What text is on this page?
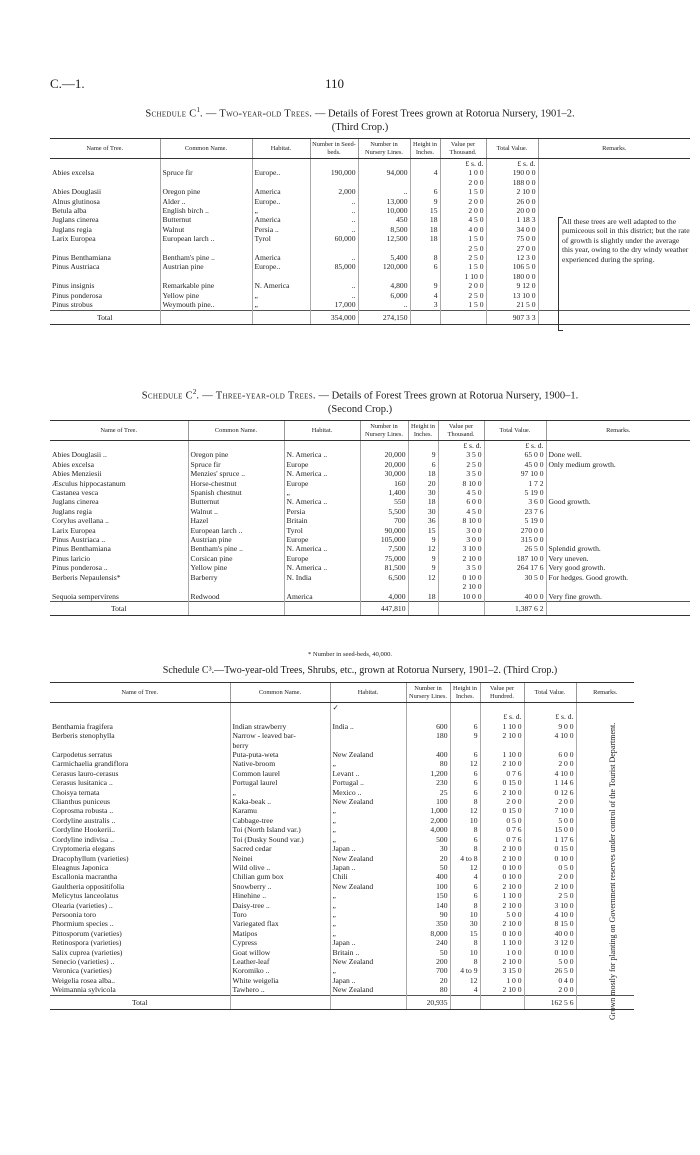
C.—1.	110
Schedule $C^1$. — Two-year-old Trees. — Details of Forest Trees grown at Rotorua Nursery, 1901–2.
(Third Crop.)
Name of Tree.	Common Name.	Habitat.	Number in Seed-beds.	Number in Nursery Lines.	Height in Inches.	Value per Thousand.	Total Value.	Remarks.
						£ s. d.	£ s. d.	
Abies excelsa	Spruce fir	Europe..	190,000	94,000	4	1 0 0	190 0 0	
						2 0 0	188 0 0	
Abies Douglasii	Oregon pine	America	2,000	..	6	1 5 0	2 10 0	
Alnus glutinosa	Alder ..	Europe..	..	13,000	9	2 0 0	26 0 0	
Betula alba	English birch ..	„	..	10,000	15	2 0 0	20 0 0	
Juglans cinerea	Butternut	America	..	450	18	4 5 0	1 18 3	
Juglans regia	Walnut	Persia ..	..	8,500	18	4 0 0	34 0 0	
Larix Europea	European larch ..	Tyrol	60,000	12,500	18	1 5 0	75 0 0	
						2 5 0	27 0 0	
Pinus Benthamiana	Bentham's pine ..	America	..	5,400	8	2 5 0	12 3 0	
Pinus Austriaca	Austrian pine	Europe..	85,000	120,000	6	1 5 0	106 5 0	
						1 10 0	180 0 0	
Pinus insignis	Remarkable pine	N. America	..	4,800	9	2 0 0	9 12 0	
Pinus ponderosa	Yellow pine	„	..	6,000	4	2 5 0	13 10 0	
Pinus strobus	Weymouth pine..	„	17,000	..	3	1 5 0	21 5 0	
Total			354,000	274,150			907 3 3	
All these trees are well adapted to the pumiceous soil in this district; but the rate of growth is slightly under the average this year, owing to the dry windy weather experienced during the spring.
Schedule $C^2$. — Three-year-old Trees. — Details of Forest Trees grown at Rotorua Nursery, 1900–1.
(Second Crop.)
Name of Tree.	Common Name.	Habitat.	Number in Nursery Lines.	Height in Inches.	Value per Thousand.	Total Value.	Remarks.
					£ s. d.	£ s. d.	
Abies Douglasii ..	Oregon pine	N. America ..	20,000	9	3 5 0	65 0 0	Done well.
Abies excelsa	Spruce fir	Europe	20,000	6	2 5 0	45 0 0	Only medium growth.
Abies Menziesii	Menzies' spruce ..	N. America ..	30,000	18	3 5 0	97 10 0	
Æsculus hippocastanum	Horse-chestnut	Europe	160	20	8 10 0	1 7 2	
Castanea vesca	Spanish chestnut	„	1,400	30	4 5 0	5 19 0	
Juglans cinerea	Butternut	N. America ..	550	18	6 0 0	3 6 0	Good growth.
Juglans regia	Walnut ..	Persia	5,500	30	4 5 0	23 7 6	
Corylus avellana ..	Hazel	Britain	700	36	8 10 0	5 19 0	
Larix Europea	European larch ..	Tyrol	90,000	15	3 0 0	270 0 0	
Pinus Austriaca ..	Austrian pine	Europe	105,000	9	3 0 0	315 0 0	
Pinus Benthamiana	Bentham's pine ..	N. America ..	7,500	12	3 10 0	26 5 0	Splendid growth.
Pinus laricio	Corsican pine	Europe	75,000	9	2 10 0	187 10 0	Very uneven.
Pinus ponderosa ..	Yellow pine	N. America ..	81,500	9	3 5 0	264 17 6	Very good growth.
Berberis Nepaulensis*	Barberry	N. India	6,500	12	0 10 0	30 5 0	For hedges. Good growth.
					2 10 0		
Sequoia sempervirens	Redwood	America	4,000	18	10 0 0	40 0 0	Very fine growth.
Total			447,810			1,387 6 2	
* Number in seed-beds, 40,000.
Schedule C³.—Two-year-old Trees, Shrubs, etc., grown at Rotorua Nursery, 1901–2. (Third Crop.)
Name of Tree.	Common Name.	Habitat.	Number in Nursery Lines.	Height in Inches.	Value per Hundred.	Total Value.	Remarks.
		✓					
					£ s. d.	£ s. d.	
Benthamia fragifera	Indian strawberry	India ..	600	6	1 10 0	9 0 0	
Berberis stenophylla	Narrow - leaved bar-		180	9	2 10 0	4 10 0	
	berry						
Carpodetus serratus	Puta-puta-weta	New Zealand	400	6	1 10 0	6 0 0	
Carmichaelia grandiflora	Native-broom	„	80	12	2 10 0	2 0 0	
Cerasus lauro-cerasus	Common laurel	Levant ..	1,200	6	0 7 6	4 10 0	
Cerasus lusitanica ..	Portugal laurel	Portugal ..	230	6	0 15 0	1 14 6	
Choisya ternata	„	Mexico ..	25	6	2 10 0	0 12 6	
Clianthus puniceus	Kaka-beak ..	New Zealand	100	8	2 0 0	2 0 0	
Coprosma robusta ..	Karamu	„	1,000	12	0 15 0	7 10 0	
Cordyline australis ..	Cabbage-tree	„	2,000	10	0 5 0	5 0 0	
Cordyline Hookerii..	Toi (North Island var.)	„	4,000	8	0 7 6	15 0 0	
Cordyline indivisa ..	Toi (Dusky Sound var.)	„	500	6	0 7 6	1 17 6	
Cryptomeria elegans	Sacred cedar	Japan ..	30	8	2 10 0	0 15 0	
Dracophyllum (varieties)	Neinei	New Zealand	20	4 to 8	2 10 0	0 10 0	
Eleagnus Japonica	Wild olive ..	Japan ..	50	12	0 10 0	0 5 0	
Escallonia macrantha	Chilian gum box	Chili	400	4	0 10 0	2 0 0	
Gaultheria oppositifolia	Snowberry ..	New Zealand	100	6	2 10 0	2 10 0	
Melicytus lanceolatus	Hinehine ..	„	150	6	1 10 0	2 5 0	
Olearia (varieties) ..	Daisy-tree ..	„	140	8	2 10 0	3 10 0	
Persoonia toro	Toro	„	90	10	5 0 0	4 10 0	
Phormium species ..	Variegated flax	„	350	30	2 10 0	8 15 0	
Pittosporum (varieties)	Matipos	„	8,000	15	0 10 0	40 0 0	
Retinospora (varieties)	Cypress	Japan ..	240	8	1 10 0	3 12 0	
Salix cuprea (varieties)	Goat willow	Britain ..	50	10	1 0 0	0 10 0	
Senecio (varieties) ..	Leather-leaf	New Zealand	200	8	2 10 0	5 0 0	
Veronica (varieties)	Koromiko ..	„	700	4 to 9	3 15 0	26 5 0	
Weigelia rosea alba..	White weigelia	Japan ..	20	12	1 0 0	0 4 0	
Weimannia sylvicola	Tawhero ..	New Zealand	80	4	2 10 0	2 0 0	
Total			20,935			162 5 6		Grown mostly for planting on Government reserves under control of the Tourist Department.
